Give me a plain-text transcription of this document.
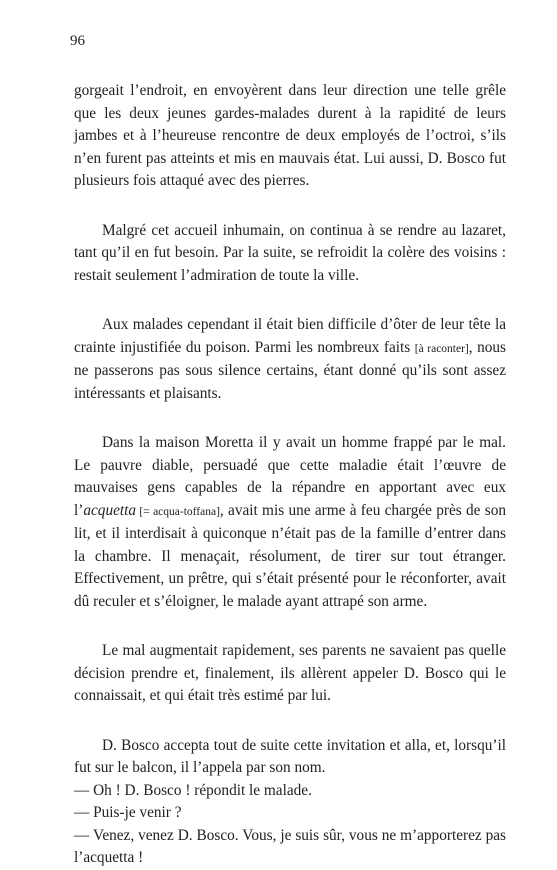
96

gorgeait l’endroit, en envoyèrent dans leur direction une telle grêle que les deux jeunes gardes-malades durent à la rapidité de leurs jambes et à l’heureuse rencontre de deux employés de l’octroi, s’ils n’en furent pas atteints et mis en mauvais état. Lui aussi, D. Bosco fut plusieurs fois attaqué avec des pierres.

Malgré cet accueil inhumain, on continua à se rendre au lazaret, tant qu’il en fut besoin. Par la suite, se refroidit la colère des voisins : restait seulement l’admiration de toute la ville.

Aux malades cependant il était bien difficile d’ôter de leur tête la crainte injustifiée du poison. Parmi les nombreux faits [à raconter], nous ne passerons pas sous silence certains, étant donné qu’ils sont assez intéressants et plaisants.

Dans la maison Moretta il y avait un homme frappé par le mal. Le pauvre diable, persuadé que cette maladie était l’œuvre de mauvaises gens capables de la répandre en apportant avec eux l’acquetta [= acqua-toffana], avait mis une arme à feu chargée près de son lit, et il interdisait à quiconque n’était pas de la famille d’entrer dans la chambre. Il menaçait, résolument, de tirer sur tout étranger. Effectivement, un prêtre, qui s’était présenté pour le réconforter, avait dû reculer et s’éloigner, le malade ayant attrapé son arme.

Le mal augmentait rapidement, ses parents ne savaient pas quelle décision prendre et, finalement, ils allèrent appeler D. Bosco qui le connaissait, et qui était très estimé par lui.

D. Bosco accepta tout de suite cette invitation et alla, et, lorsqu’il fut sur le balcon, il l’appela par son nom.

— Oh ! D. Bosco ! répondit le malade.

— Puis-je venir ?

— Venez, venez D. Bosco. Vous, je suis sûr, vous ne m’apporterez pas l’acquetta !
